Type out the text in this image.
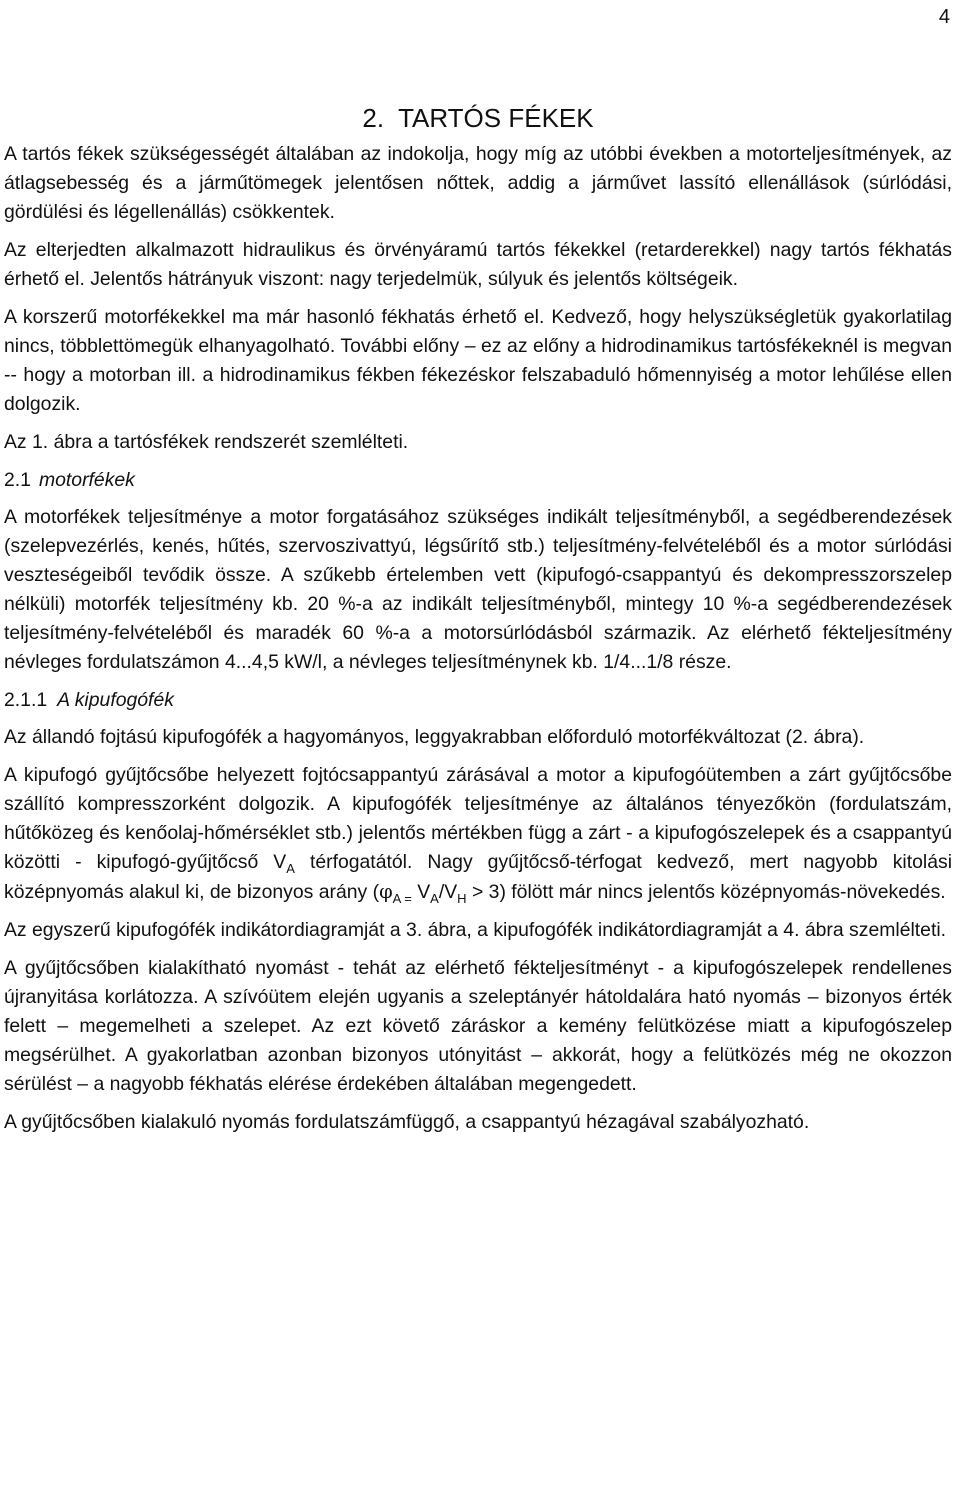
4
2. TARTÓS FÉKEK

A tartós fékek szükségességét általában az indokolja, hogy míg az utóbbi években a motorteljesítmények, az átlagsebesség és a járműtömegek jelentősen nőttek, addig a járművet lassító ellenállások (súrlódási, gördülési és légellenállás) csökkentek.

Az elterjedten alkalmazott hidraulikus és örvényáramú tartós fékekkel (retarderekkel) nagy tartós fékhatás érhető el. Jelentős hátrányuk viszont: nagy terjedelmük, súlyuk és jelentős költségeik.

A korszerű motorfékekkel ma már hasonló fékhatás érhető el. Kedvező, hogy helyszükségletük gyakorlatilag nincs, többlettömegük elhanyagolható. További előny – ez az előny a hidrodinamikus tartósfékeknél is megvan -- hogy a motorban ill. a hidrodinamikus fékben fékezéskor felszabaduló hőmennyiség a motor lehűlése ellen dolgozik.

Az 1. ábra a tartósfékek rendszerét szemlélteti.

2.1 motorfékek

A motorfékek teljesítménye a motor forgatásához szükséges indikált teljesítményből, a segédberendezések (szelepvezérlés, kenés, hűtés, szervoszivattyú, légsűrítő stb.) teljesítmény-felvételéből és a motor súrlódási veszteségeiből tevődik össze. A szűkebb értelemben vett (kipufogó-csappantyú és dekompresszorszelep nélküli) motorfék teljesítmény kb. 20 %-a az indikált teljesítményből, mintegy 10 %-a segédberendezések teljesítmény-felvételéből és maradék 60 %-a a motorsúrlódásból származik. Az elérhető fékteljesítmény névleges fordulatszámon 4...4,5 kW/l, a névleges teljesítménynek kb. 1/4...1/8 része.

2.1.1 A kipufogófék

Az állandó fojtású kipufogófék a hagyományos, leggyakrabban előforduló motorfékváltozat (2. ábra).

A kipufogó gyűjtőcsőbe helyezett fojtócsappantyú zárásával a motor a kipufogóütemben a zárt gyűjtőcsőbe szállító kompresszorként dolgozik. A kipufogófék teljesítménye az általános tényezőkön (fordulatszám, hűtőközeg és kenőolaj-hőmérséklet stb.) jelentős mértékben függ a zárt - a kipufogószelepek és a csappantyú közötti - kipufogó-gyűjtőcső $V_A$ térfogatától. Nagy gyűjtőcső-térfogat kedvező, mert nagyobb kitolási középnyomás alakul ki, de bizonyos arány ($\varphi_{A =}$ $V_A/V_H > 3$) fölött már nincs jelentős középnyomás-növekedés.

Az egyszerű kipufogófék indikátordiagramját a 3. ábra, a kipufogófék indikátordiagramját a 4. ábra szemlélteti.

A gyűjtőcsőben kialakítható nyomást - tehát az elérhető fékteljesítményt - a kipufogószelepek rendellenes újranyitása korlátozza. A szívóütem elején ugyanis a szeleptányér hátoldalára ható nyomás – bizonyos érték felett – megemelheti a szelepet. Az ezt követő záráskor a kemény felütközése miatt a kipufogószelep megsérülhet. A gyakorlatban azonban bizonyos utónyitást – akkorát, hogy a felütközés még ne okozzon sérülést – a nagyobb fékhatás elérése érdekében általában megengedett.

A gyűjtőcsőben kialakuló nyomás fordulatszámfüggő, a csappantyú hézagával szabályozható.
